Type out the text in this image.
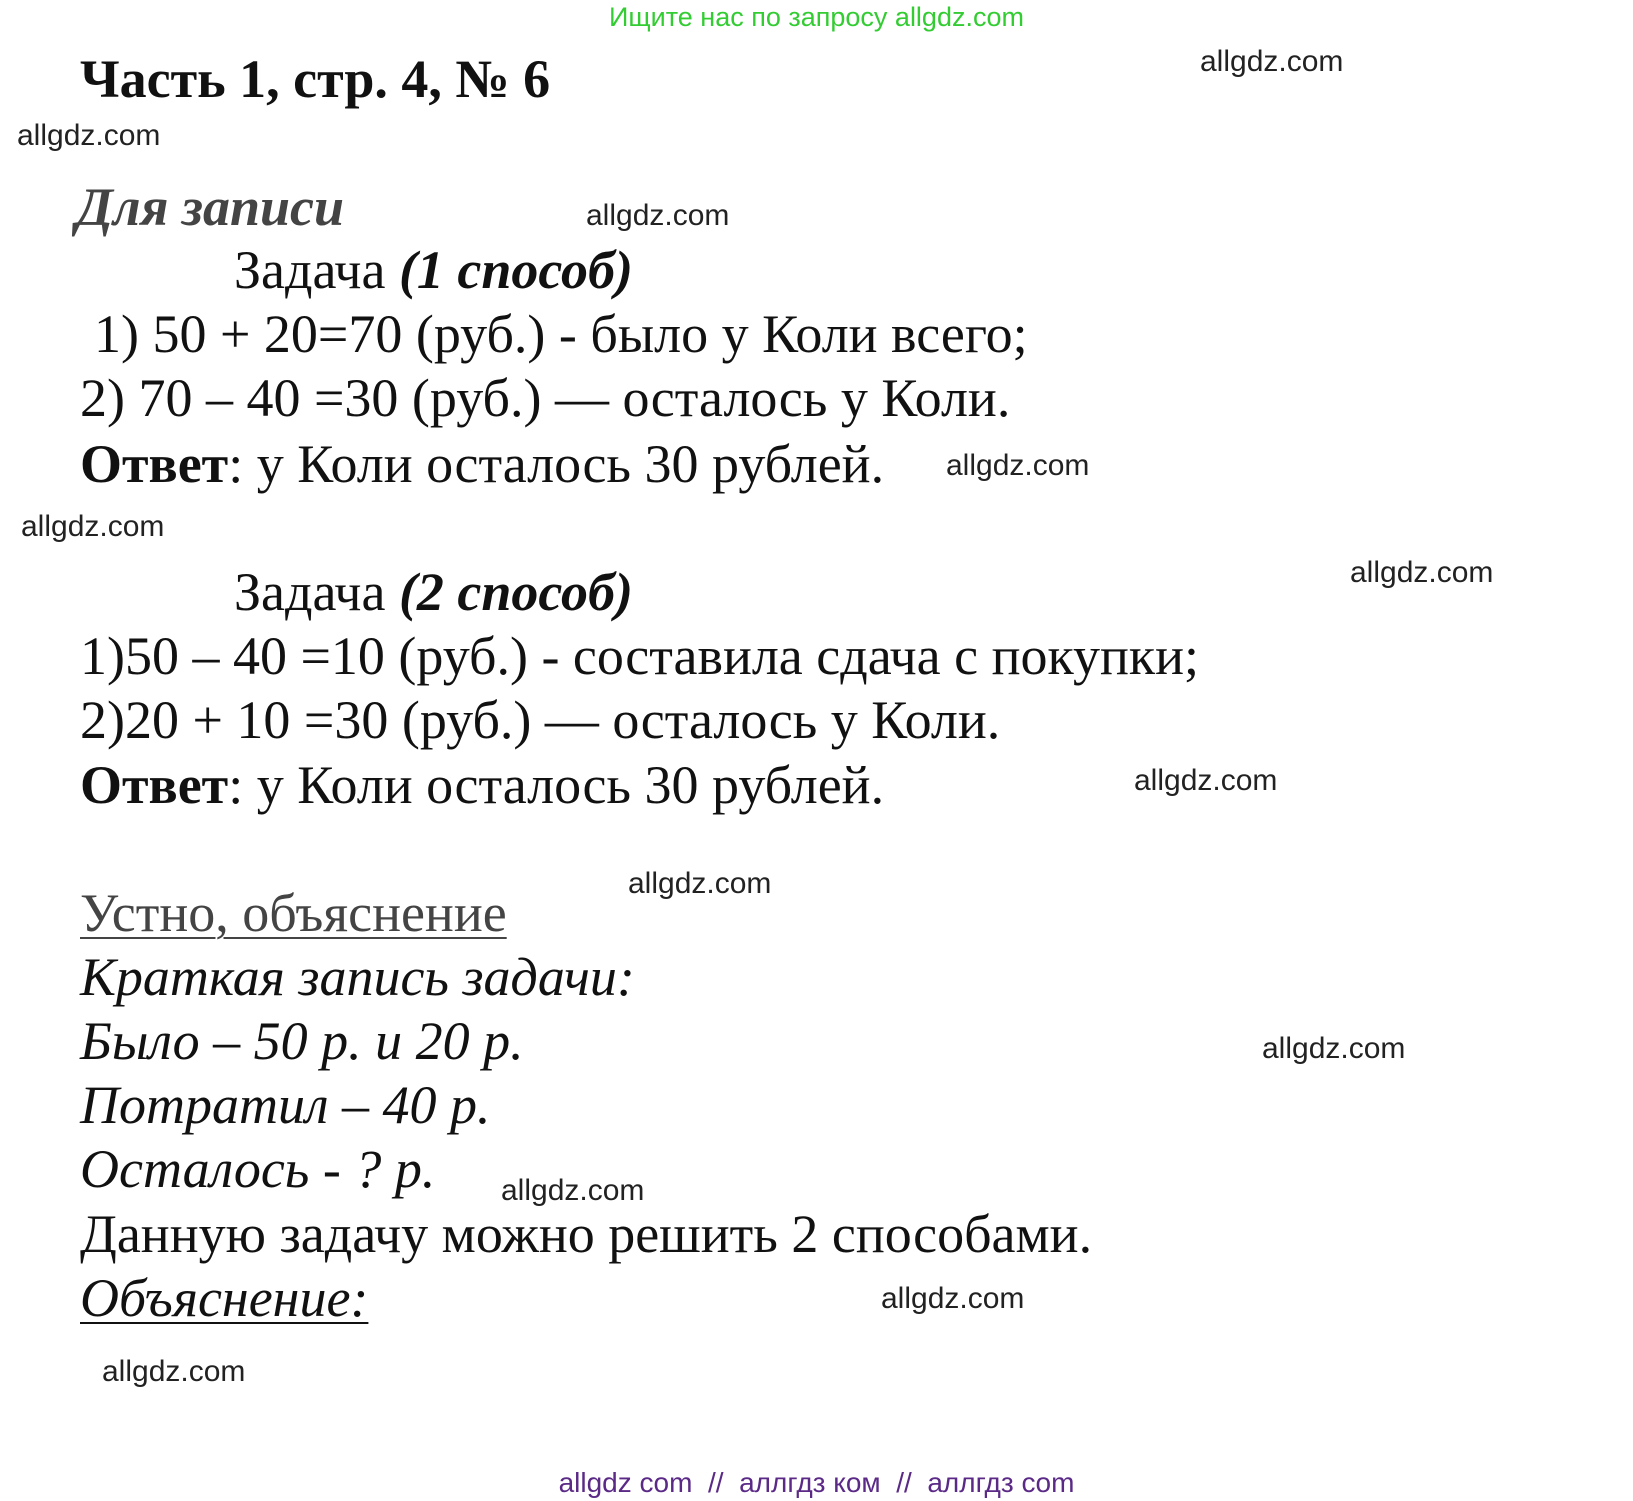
Ищите нас по запросу allgdz.com
Часть 1, стр. 4, № 6
Для записи
Задача (1 способ)
1) 50 + 20=70 (руб.) - было у Коли всего;
2) 70 – 40 =30 (руб.) — осталось у Коли.
Ответ: у Коли осталось 30 рублей.
Задача (2 способ)
1)50 – 40 =10 (руб.) - составила сдача с покупки;
2)20 + 10 =30 (руб.) — осталось у Коли.
Ответ: у Коли осталось 30 рублей.
Устно, объяснение
Краткая запись задачи:
Было – 50 р. и 20 р.
Потратил – 40 р.
Осталось - ? р.
Данную задачу можно решить 2 способами.
Объяснение:
allgdz.com
allgdz.com
allgdz.com
allgdz.com
allgdz.com
allgdz.com
allgdz.com
allgdz.com
allgdz.com
allgdz.com
allgdz.com
allgdz.com
allgdz com  //  аллгдз ком  //  аллгдз com
